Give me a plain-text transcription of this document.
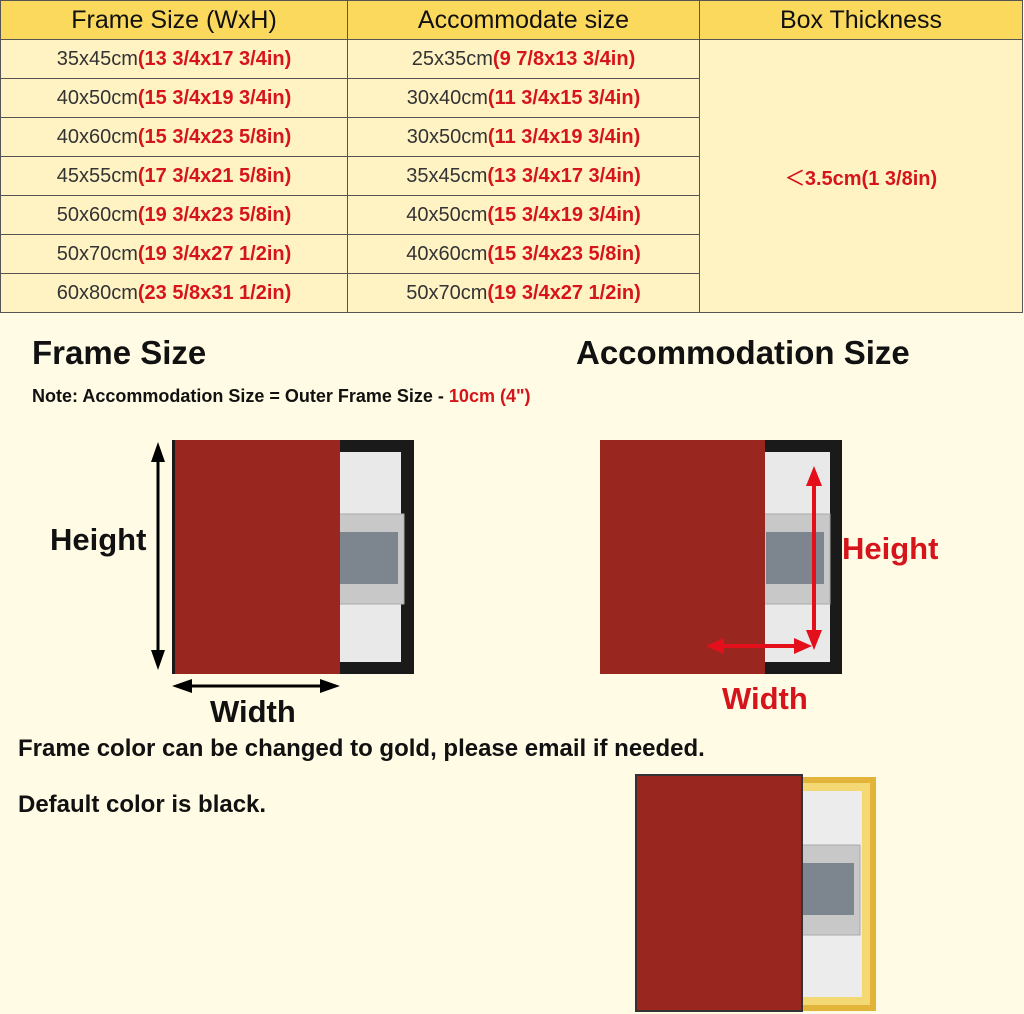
Frame Size (WxH)	Accommodate size	Box Thickness
35x45cm(13 3/4x17 3/4in)	25x35cm(9 7/8x13 3/4in)	＜3.5cm(1 3/8in)
40x50cm(15 3/4x19 3/4in)	30x40cm(11 3/4x15 3/4in)	
40x60cm(15 3/4x23 5/8in)	30x50cm(11 3/4x19 3/4in)	
45x55cm(17 3/4x21 5/8in)	35x45cm(13 3/4x17 3/4in)	
50x60cm(19 3/4x23 5/8in)	40x50cm(15 3/4x19 3/4in)	
50x70cm(19 3/4x27 1/2in)	40x60cm(15 3/4x23 5/8in)	
60x80cm(23 5/8x31 1/2in)	50x70cm(19 3/4x27 1/2in)	
Frame Size	Accommodation Size
Note: Accommodation Size = Outer Frame Size - 10cm (4")
Height
Width
Height
Width
Frame color can be changed to gold, please email if needed.
Default color is black.
